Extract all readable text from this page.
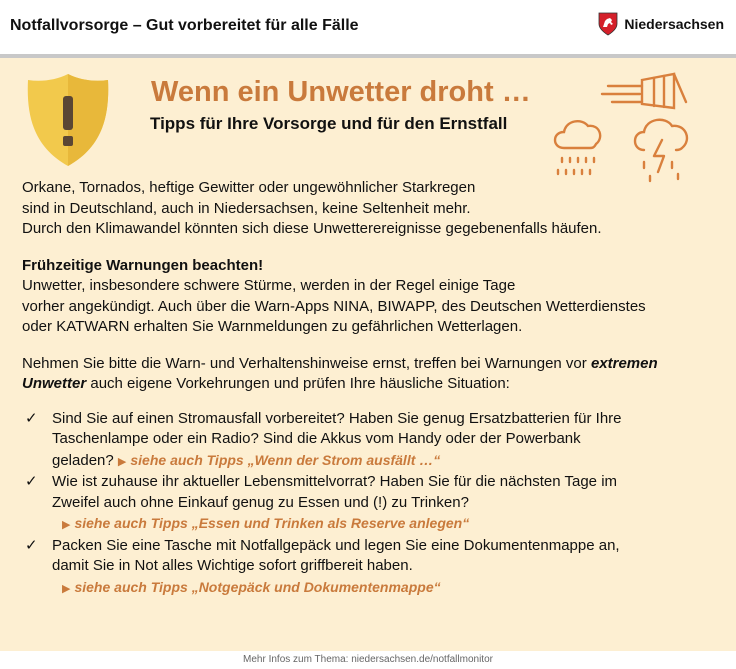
Notfallvorsorge – Gut vorbereitet für alle Fälle	Niedersachsen
Wenn ein Unwetter droht …
Tipps für Ihre Vorsorge und für den Ernstfall

Orkane, Tornados, heftige Gewitter oder ungewöhnlicher Starkregen
sind in Deutschland, auch in Niedersachsen, keine Seltenheit mehr.
Durch den Klimawandel könnten sich diese Unwetterereignisse gegebenenfalls häufen.

Frühzeitige Warnungen beachten!
Unwetter, insbesondere schwere Stürme, werden in der Regel einige Tage
vorher angekündigt. Auch über die Warn-Apps NINA, BIWAPP, des Deutschen Wetterdienstes
oder KATWARN erhalten Sie Warnmeldungen zu gefährlichen Wetterlagen.

Nehmen Sie bitte die Warn- und Verhaltenshinweise ernst, treffen bei Warnungen vor extremen
Unwetter auch eigene Vorkehrungen und prüfen Ihre häusliche Situation:

✓ Sind Sie auf einen Stromausfall vorbereitet? Haben Sie genug Ersatzbatterien für Ihre
Taschenlampe oder ein Radio? Sind die Akkus vom Handy oder der Powerbank
geladen? ▶ siehe auch Tipps „Wenn der Strom ausfällt …“
✓ Wie ist zuhause ihr aktueller Lebensmittelvorrat? Haben Sie für die nächsten Tage im
Zweifel auch ohne Einkauf genug zu Essen und (!) zu Trinken?
▶ siehe auch Tipps „Essen und Trinken als Reserve anlegen“
✓ Packen Sie eine Tasche mit Notfallgepäck und legen Sie eine Dokumentenmappe an,
damit Sie in Not alles Wichtige sofort griffbereit haben.
▶ siehe auch Tipps „Notgepäck und Dokumentenmappe“
Mehr Infos zum Thema: niedersachsen.de/notfallmonitor
